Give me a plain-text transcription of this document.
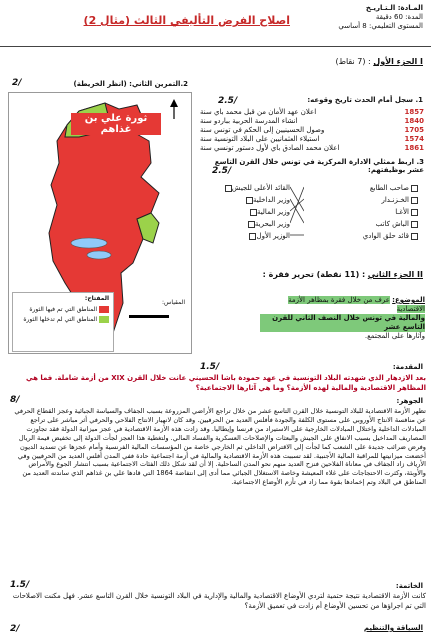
المـادة: الـتـاريـخ
المدة: 60 دقيقة
المستوى التعليمي: 8 أساسي
اصلاح الفرض التأليفي الثالث (مثال 2)
I الجزء الأول : (7 نقاط)
2/	2.التمرين الثاني: (انظر الخريطة)
ثورة علي بن غذاهم
المقياس:
المفتاح:
المناطق التي تم فيها الثورة
المناطق التي لم تدخلها الثورة
2.5/	1. سجل أمام الحدث تاريخ وقوعه:
1857
اعلان عهد الأمان من قبل محمد باي سنة
1840
انشاء المدرسة الحربية بباردو سنة
1705
وصول الحسينيين إلى الحكم في تونس سنة
1574
استيلاء العثمانيين على البلاد التونسية سنة
1861
اعلان محمد الصادق باي لأول دستور تونسي سنة
3. اربط ممثلي الادارة المركزية في تونس خلال القرن التاسع عشر بوظيفتهم:
2.5/
القائد الأعلى للجيش
وزير الداخلية
وزير المالية
وزير البحرية
الوزير الأول
صاحب الطابع
الخـزنـدار
الأغـا
الباش كاتب
قائد حلق الوادي
II الجزء الثاني : (11 نقطة) تحرير فقرة :
الموضوع: عرف من خلال فقرة بمظاهر الأزمة الاقتصادية
والمالية في تونس خلال النصف الثاني للقرن التاسع عشر
وآثارها على المجتمع.
1.5/	المقدمة:
بعد الازدهار الذي شهدته البلاد التونسية في عهد حمودة باشا الحسيني عانت خلال القرن XIX من أزمة شاملة. فما هي المظاهر الاقتصادية والمالية لهذه الأزمة؟ وما هي آثارها الاجتماعية؟
8/	الجوهر:
تظهر الأزمة الاقتصادية للبلاد التونسية خلال القرن التاسع عشر من خلال تراجع الأراضي المزروعة بسبب الجفاف والسياسة الجبائية وعجز القطاع الحرفي عن منافسة الانتاج الأوروبي على مستوى الكلفة والجودة فأفلس العديد من الحرفيين. وقد كان لانهيار الانتاج الفلاحي والحرفي أثر مباشر على تراجع المبادلات الداخلية واختلال المبادلات الخارجية على الاستيراد من فرنسا وإيطاليا. وقد زادت هذه الأزمة الاقتصادية في عجز ميزانية الدولة فقد تجاوزت المصاريف المداخيل بسبب الانفاق على الجيش والبعثات والإصلاحات العسكرية والفساد المالي. ولتغطية هذا العجز لجأت الدولة إلى تخفيض قيمة الريال وفرض ضرائب جديدة على الشعب كما لجأت إلى الاقتراض الداخلي ثم الخارجي خاصة من المؤسسات المالية الفرنسية وأمام عجزها عن تسديد الديون أخضعت ميزانيتها للمراقبة المالية الأجنبية. لقد تسببت هذه الأزمة الاقتصادية والمالية في أزمة اجتماعية حادة ففي المدن أفلس العديد من الحرفيين وفي الأرياف زاد الجفاف في معاناة الفلاحين فنزح العديد منهم نحو المدن الساحلية. إلا أن لقد شكل ذلك الفئات الاجتماعية بسبب انتشار الجوع والأمراض والأوبئة، وكثرت الاحتجاجات على غلاء المعيشة وخاصة الاستغلال الجبائي مما أدى إلى انتفاضة 1864 التي قادها علي بن غذاهم الذي ساندته العديد من المناطق في البلاد وتم إخمادها بقوة مما زاد في تأزم الأوضاع الاجتماعية.
1.5/	الخاتمة:
كانت الأزمة الاقتصادية نتيجة حتمية لتردي الأوضاع الاقتصادية والمالية والإدارية في البلاد التونسية خلال القرن التاسع عشر. فهل مكنت الاصلاحات التي تم اجراؤها من تحسين الأوضاع أم زادت في تعميق الأزمة؟
2/	السياقة والتنظيم
